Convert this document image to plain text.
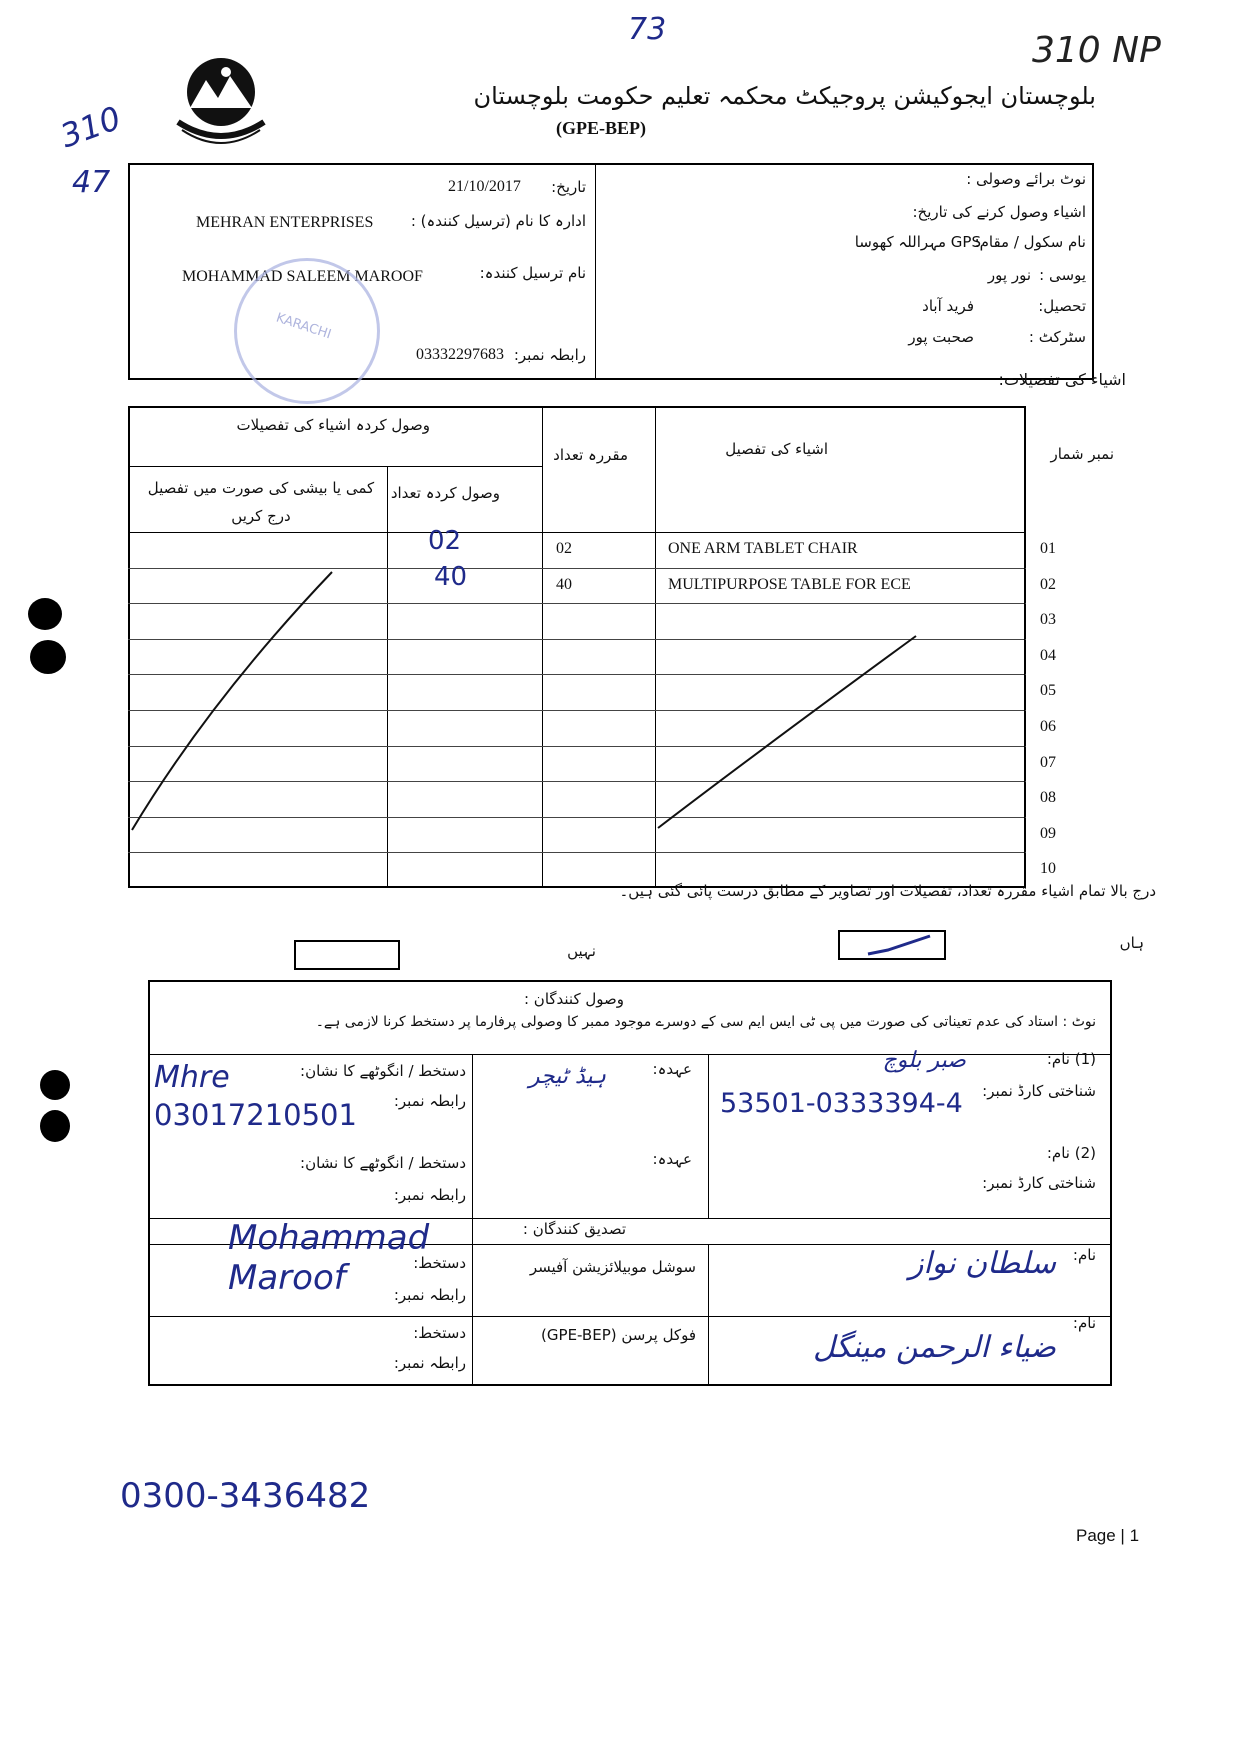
73
310 NP
310
47
بلوچستان ایجوکیشن پروجیکٹ محکمہ تعلیم حکومت بلوچستان
(GPE-BEP)
نوٹ برائے وصولی :
اشیاء وصول کرنے کی تاریخ:
نام سکول / مقام:
GPS مہراللہ کھوسا
یوسی :
نور پور
تحصیل:
فرید آباد
سٹرکٹ :
صحبت پور
تاریخ:
21/10/2017
ادارہ کا نام (ترسیل کنندہ) :
MEHRAN ENTERPRISES
نام ترسیل کنندہ:
MOHAMMAD SALEEM MAROOF
رابطہ نمبر:
03332297683
KARACHI
اشیاء کی تفصیلات:
نمبر شمار
اشیاء کی تفصیل
مقررہ تعداد
وصول کردہ اشیاء کی تفصیلات
وصول کردہ تعداد
کمی یا بیشی کی صورت میں تفصیل درج کریں
01
ONE ARM TABLET CHAIR
02
02
02
MULTIPURPOSE TABLE FOR ECE
40
40
03
04
05
06
07
08
09
10
درج بالا تمام اشیاء مقررہ تعداد، تفصیلات اور تصاویر کے مطابق درست پائی گئی ہیں۔
ہاں
نہیں
وصول کنندگان :
نوٹ : استاد کی عدم تعیناتی کی صورت میں پی ٹی ایس ایم سی کے دوسرے موجود ممبر کا وصولی پرفارما پر دستخط کرنا لازمی ہے۔
(1) نام:
صبر بلوچ
شناختی کارڈ نمبر:
53501-0333394-4
عہدہ:
ہیڈ ٹیچر
دستخط / انگوٹھے کا نشان:
Mhre
رابطہ نمبر:
03017210501
(2) نام:
شناختی کارڈ نمبر:
عہدہ:
دستخط / انگوٹھے کا نشان:
رابطہ نمبر:
تصدیق کنندگان :
نام:
سلطان نواز
سوشل موبیلائزیشن آفیسر
دستخط:
رابطہ نمبر:
Mohammad Maroof
نام:
ضیاء الرحمن مینگل
فوکل پرسن (GPE-BEP)
دستخط:
رابطہ نمبر:
0300-3436482
Page | 1
